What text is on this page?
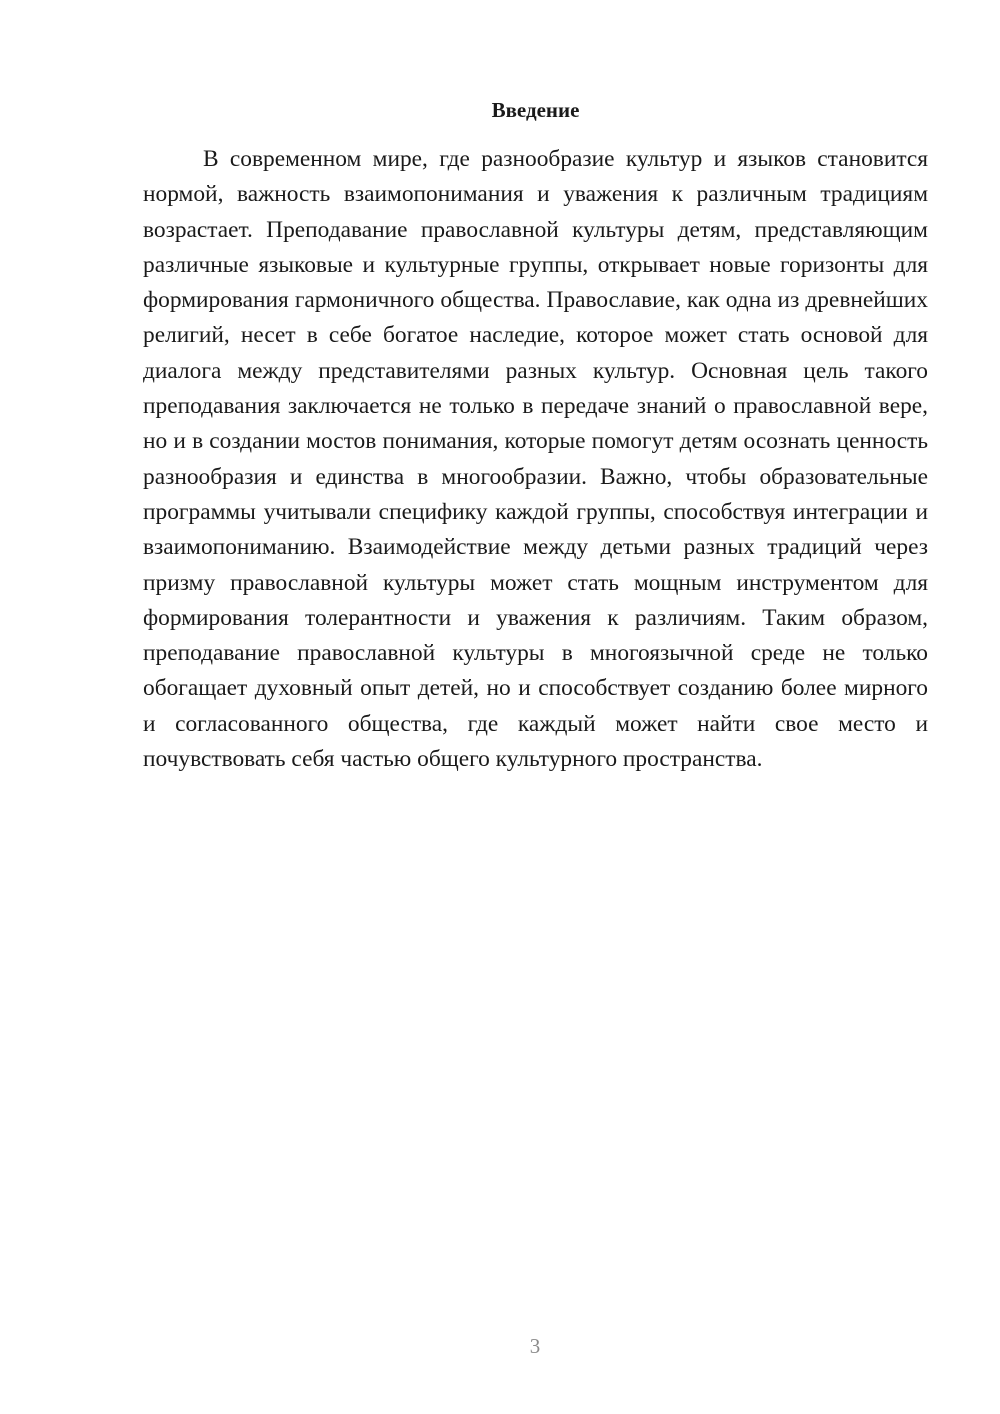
Введение

В современном мире, где разнообразие культур и языков становится нормой, важность взаимопонимания и уважения к различным традициям возрастает. Преподавание православной культуры детям, представляющим различные языковые и культурные группы, открывает новые горизонты для формирования гармоничного общества. Православие, как одна из древнейших религий, несет в себе богатое наследие, которое может стать основой для диалога между представителями разных культур. Основная цель такого преподавания заключается не только в передаче знаний о православной вере, но и в создании мостов понимания, которые помогут детям осознать ценность разнообразия и единства в многообразии. Важно, чтобы образовательные программы учитывали специфику каждой группы, способствуя интеграции и взаимопониманию. Взаимодействие между детьми разных традиций через призму православной культуры может стать мощным инструментом для формирования толерантности и уважения к различиям. Таким образом, преподавание православной культуры в многоязычной среде не только обогащает духовный опыт детей, но и способствует созданию более мирного и согласованного общества, где каждый может найти свое место и почувствовать себя частью общего культурного пространства.

3
